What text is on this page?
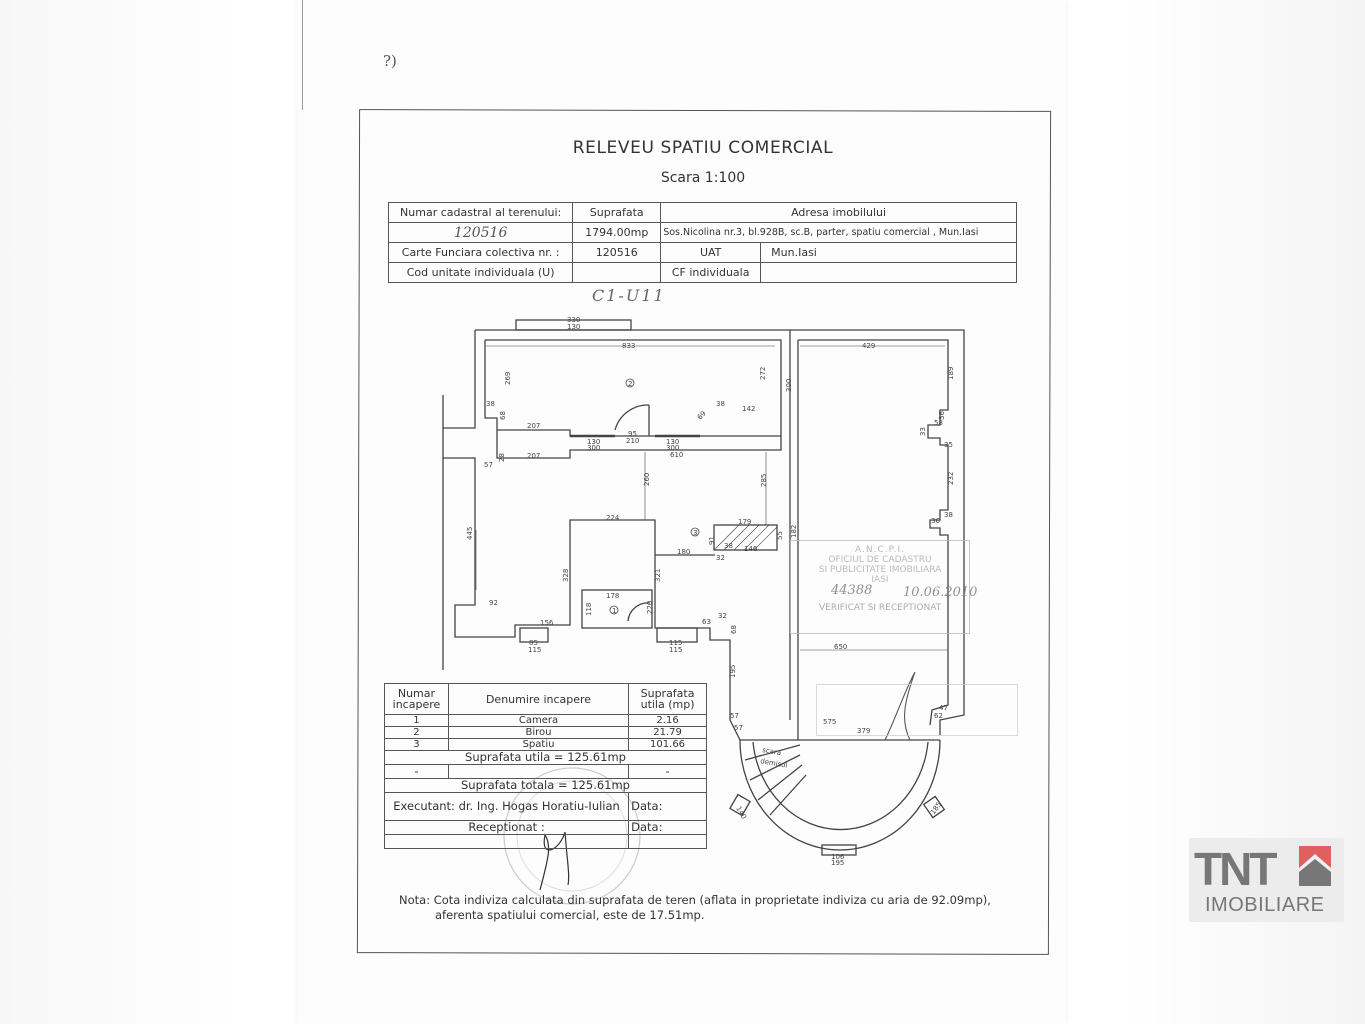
?)
RELEVEU SPATIU COMERCIAL
Scara 1:100
Numar cadastral al terenului:	Suprafata	Adresa imobilului	
120516	1794.00mp	Sos.Nicolina nr.3, bl.928B, sc.B, parter, spatiu comercial , Mun.Iasi	
Carte Funciara colectiva nr. :	120516	UAT	Mun.Iasi
Cod unitate individuala (U)		CF individuala	
C1-U11
330
130
833	429
269	272
300
189
38
68
207
207
95
210
130
300
130
300
610
69
38
142
57
28
260	285
224	179
91
38 146
32
55 182
180
445
328	321
178
118	220
92
156
85
115
115
115
63
32
68
650
195
575
379
57
57
47
62
106
195
140	185
56
58
33
35
232
36
38
scara
demisol
2
3
1
A.N.C.P.I.
OFICIUL DE CADASTRU
SI PUBLICITATE IMOBILIARA
IASI
44388 10.06.2010
VERIFICAT SI RECEPTIONAT
Numar incapere	Denumire incapere	Suprafata utila (mp)
1	Camera	2.16
2	Birou	21.79
3	Spatiu	101.66
Suprafata utila = 125.61mp		
-		-
Suprafata totala = 125.61mp		
Executant: dr. Ing. Hogas Horatiu-Iulian		Data:
Receptionat :		Data:

Nota: Cota indiviza calculata din suprafata de teren (aflata in proprietate indiviza cu aria de 92.09mp),
aferenta spatiului comercial, este de 17.51mp.
TNT
IMOBILIARE
